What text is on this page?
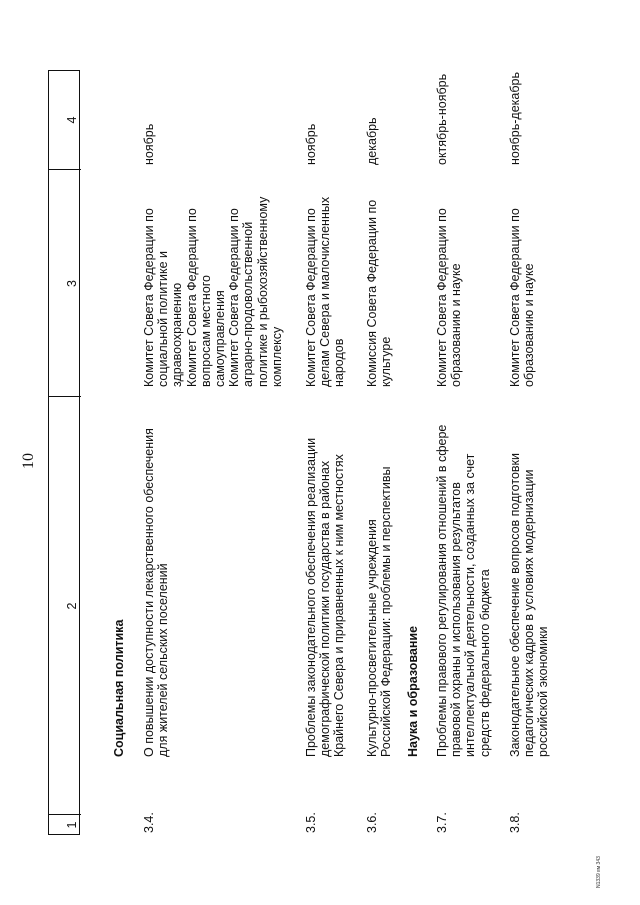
10
1
2
3
4
Социальная политика
3.4.
О повышении доступности лекарственного обеспечения для жителей сельских поселений
Комитет Совета Федерации по социальной политике и здравоохранению
Комитет Совета Федерации по вопросам местного самоуправления
Комитет Совета Федерации по аграрно-продовольственной политике и рыбохозяйственному комплексу
ноябрь
3.5.
Проблемы законодательного обеспечения реализации демографической политики государства в районах Крайнего Севера и приравненных к ним местностях
Комитет Совета Федерации по делам Севера и малочисленных народов
ноябрь
3.6.
Культурно-просветительные учреждения Российской Федерации: проблемы и перспективы
Комиссия Совета Федерации по культуре
декабрь
Наука и образование
3.7.
Проблемы правового регулирования отношений в сфере правовой охраны и использования результатов интеллектуальной деятельности, созданных за счет средств федерального бюджета
Комитет Совета Федерации по образованию и науке
октябрь-ноябрь
3.8.
Законодательное обеспечение вопросов подготовки педагогических кадров в условиях модернизации российской экономики
Комитет Совета Федерации по образованию и науке
ноябрь-декабрь
N1339 вм 343
